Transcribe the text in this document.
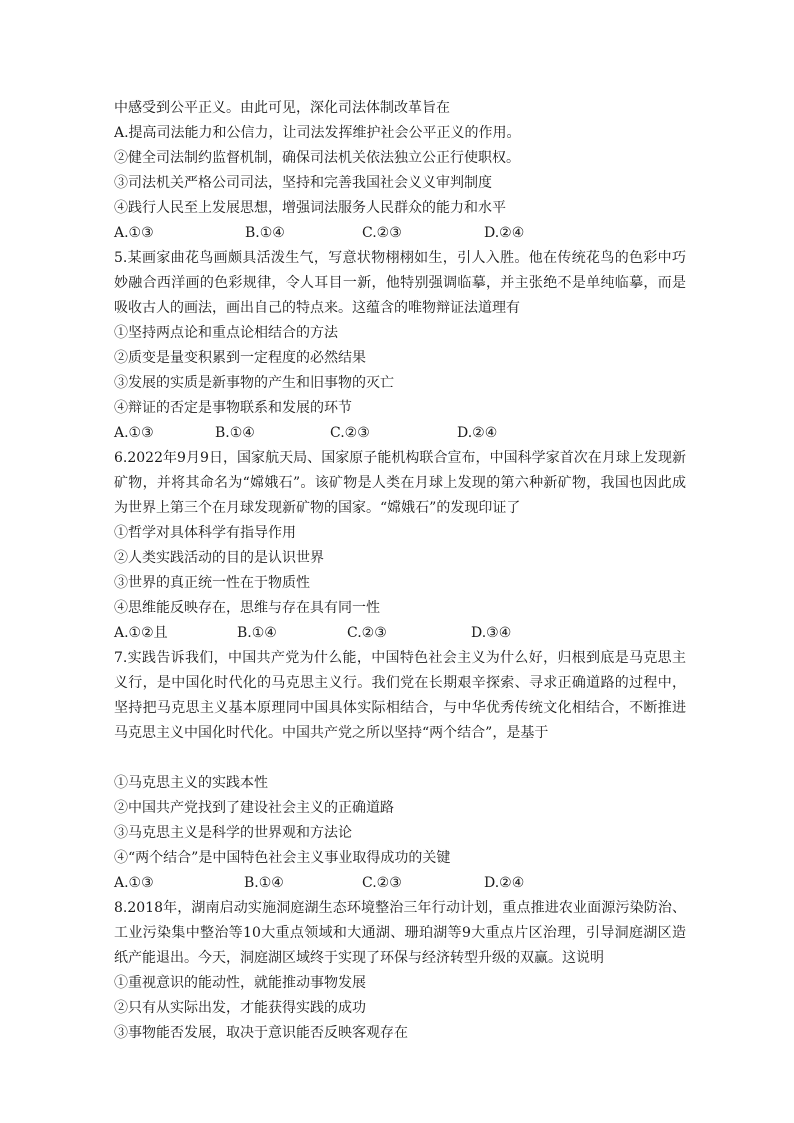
中感受到公平正义。由此可见，深化司法体制改革旨在
A.提高司法能力和公信力，让司法发挥维护社会公平正义的作用。
②健全司法制约监督机制，确保司法机关依法独立公正行使职权。
③司法机关严格公司司法，坚持和完善我国社会义义审判制度
④践行人民至上发展思想，增强词法服务人民群众的能力和水平
A.①③	B.①④	C.②③	D.②④
5.某画家曲花鸟画颇具活泼生气，写意状物栩栩如生，引人入胜。他在传统花鸟的色彩中巧妙融合西洋画的色彩规律，令人耳目一新，他特别强调临摹，并主张绝不是单纯临摹，而是吸收古人的画法，画出自己的特点来。这蕴含的唯物辩证法道理有
①坚持两点论和重点论相结合的方法
②质变是量变积累到一定程度的必然结果
③发展的实质是新事物的产生和旧事物的灭亡
④辩证的否定是事物联系和发展的环节
A.①③	B.①④	C.②③	D.②④
6.2022年9月9日，国家航天局、国家原子能机构联合宣布，中国科学家首次在月球上发现新矿物，并将其命名为“嫦娥石”。该矿物是人类在月球上发现的第六种新矿物，我国也因此成为世界上第三个在月球发现新矿物的国家。“嫦娥石”的发现印证了
①哲学对具体科学有指导作用
②人类实践活动的目的是认识世界
③世界的真正统一性在于物质性
④思维能反映存在，思维与存在具有同一性
A.①②且	B.①④	C.②③	D.③④
7.实践告诉我们，中国共产党为什么能，中国特色社会主义为什么好，归根到底是马克思主义行，是中国化时代化的马克思主义行。我们党在长期艰辛探索、寻求正确道路的过程中，坚持把马克思主义基本原理同中国具体实际相结合，与中华优秀传统文化相结合，不断推进马克思主义中国化时代化。中国共产党之所以坚持“两个结合”，是基于
①马克思主义的实践本性
②中国共产党找到了建设社会主义的正确道路
③马克思主义是科学的世界观和方法论
④“两个结合”是中国特色社会主义事业取得成功的关键
A.①③	B.①④	C.②③	D.②④
8.2018年，湖南启动实施洞庭湖生态环境整治三年行动计划，重点推进农业面源污染防治、工业污染集中整治等10大重点领域和大通湖、珊珀湖等9大重点片区治理，引导洞庭湖区造纸产能退出。今天，洞庭湖区域终于实现了环保与经济转型升级的双赢。这说明
①重视意识的能动性，就能推动事物发展
②只有从实际出发，才能获得实践的成功
③事物能否发展，取决于意识能否反映客观存在
